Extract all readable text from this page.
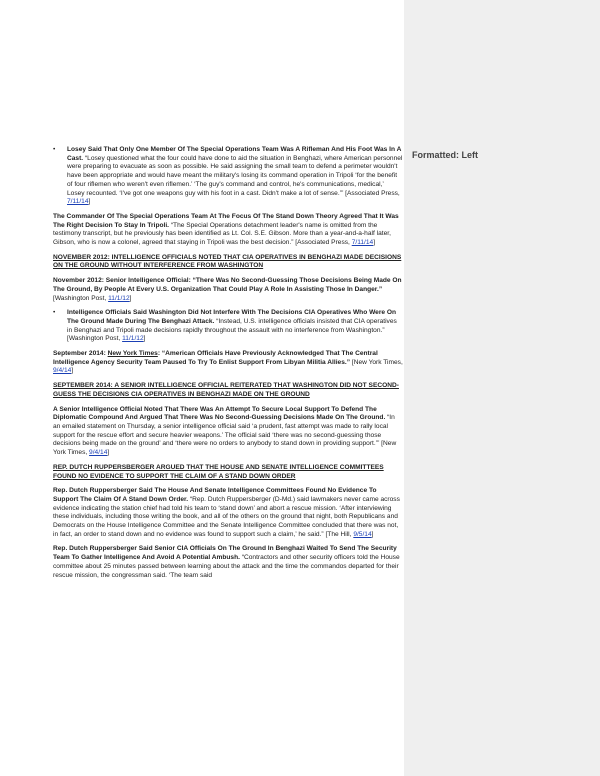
Formatted: Left

• Losey Said That Only One Member Of The Special Operations Team Was A Rifleman And His Foot Was In A Cast. “Losey questioned what the four could have done to aid the situation in Benghazi, where American personnel were preparing to evacuate as soon as possible. He said assigning the small team to defend a perimeter wouldn't have been appropriate and would have meant the military's losing its command operation in Tripoli ‘for the benefit of four riflemen who weren't even riflemen.’ ‘The guy's command and control, he's communications, medical,’ Losey recounted. ‘I've got one weapons guy with his foot in a cast. Didn't make a lot of sense.’” [Associated Press, 7/11/14]

The Commander Of The Special Operations Team At The Focus Of The Stand Down Theory Agreed That It Was The Right Decision To Stay In Tripoli. “The Special Operations detachment leader's name is omitted from the testimony transcript, but he previously has been identified as Lt. Col. S.E. Gibson. More than a year-and-a-half later, Gibson, who is now a colonel, agreed that staying in Tripoli was the best decision.” [Associated Press, 7/11/14]

NOVEMBER 2012: INTELLIGENCE OFFICIALS NOTED THAT CIA OPERATIVES IN BENGHAZI MADE DECISIONS ON THE GROUND WITHOUT INTERFERENCE FROM WASHINGTON

November 2012: Senior Intelligence Official: “There Was No Second-Guessing Those Decisions Being Made On The Ground, By People At Every U.S. Organization That Could Play A Role In Assisting Those In Danger.” [Washington Post, 11/1/12]

• Intelligence Officials Said Washington Did Not Interfere With The Decisions CIA Operatives Who Were On The Ground Made During The Benghazi Attack. “Instead, U.S. intelligence officials insisted that CIA operatives in Benghazi and Tripoli made decisions rapidly throughout the assault with no interference from Washington.” [Washington Post, 11/1/12]

September 2014: New York Times: “American Officials Have Previously Acknowledged That The Central Intelligence Agency Security Team Paused To Try To Enlist Support From Libyan Militia Allies.” [New York Times, 9/4/14]

SEPTEMBER 2014: A SENIOR INTELLIGENCE OFFICIAL REITERATED THAT WASHINGTON DID NOT SECOND-GUESS THE DECISIONS CIA OPERATIVES IN BENGHAZI MADE ON THE GROUND

A Senior Intelligence Official Noted That There Was An Attempt To Secure Local Support To Defend The Diplomatic Compound And Argued That There Was No Second-Guessing Decisions Made On The Ground. “In an emailed statement on Thursday, a senior intelligence official said ‘a prudent, fast attempt was made to rally local support for the rescue effort and secure heavier weapons.’ The official said ‘there was no second-guessing those decisions being made on the ground’ and ‘there were no orders to anybody to stand down in providing support.’” [New York Times, 9/4/14]

REP. DUTCH RUPPERSBERGER ARGUED THAT THE HOUSE AND SENATE INTELLIGENCE COMMITTEES FOUND NO EVIDENCE TO SUPPORT THE CLAIM OF A STAND DOWN ORDER

Rep. Dutch Ruppersberger Said The House And Senate Intelligence Committees Found No Evidence To Support The Claim Of A Stand Down Order. “Rep. Dutch Ruppersberger (D-Md.) said lawmakers never came across evidence indicating the station chief had told his team to ‘stand down’ and abort a rescue mission. ‘After interviewing these individuals, including those writing the book, and all of the others on the ground that night, both Republicans and Democrats on the House Intelligence Committee and the Senate Intelligence Committee concluded that there was not, in fact, an order to stand down and no evidence was found to support such a claim,’ he said.” [The Hill, 9/5/14]

Rep. Dutch Ruppersberger Said Senior CIA Officials On The Ground In Benghazi Waited To Send The Security Team To Gather Intelligence And Avoid A Potential Ambush. “Contractors and other security officers told the House committee about 25 minutes passed between learning about the attack and the time the commandos departed for their rescue mission, the congressman said. ‘The team said
